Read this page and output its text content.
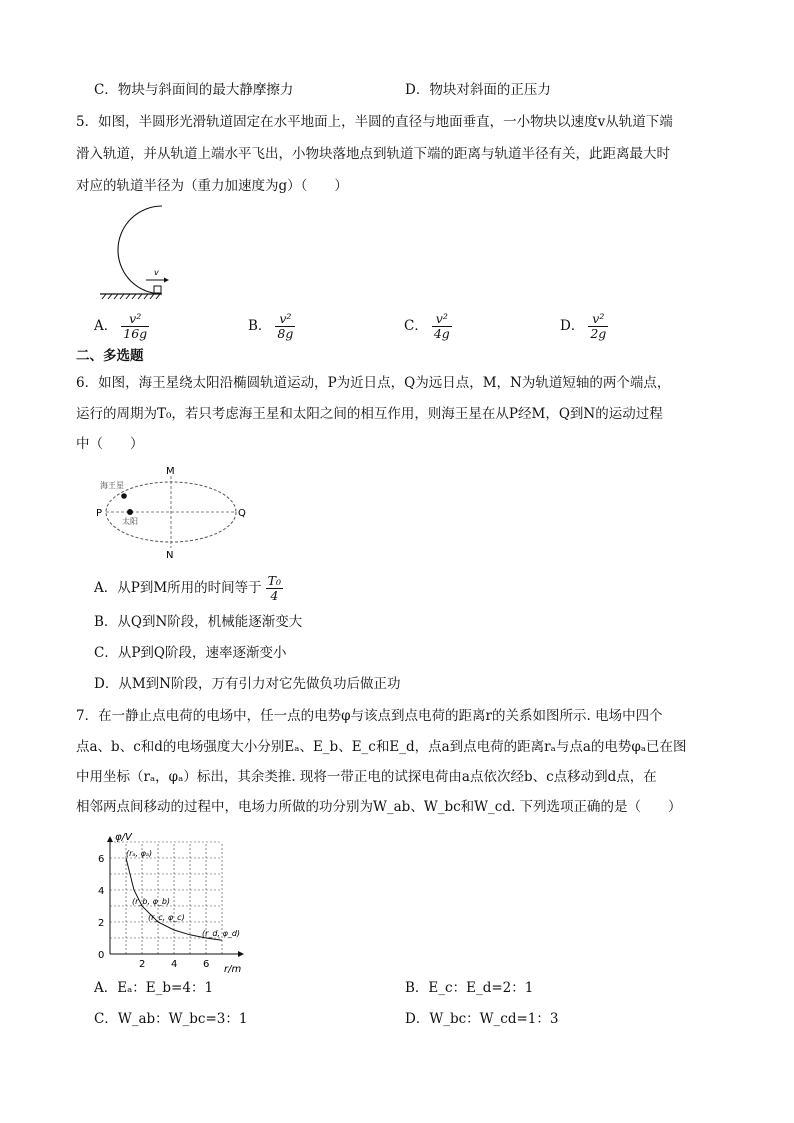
C．物块与斜面间的最大静摩擦力	D．物块对斜面的正压力
5．如图，半圆形光滑轨道固定在水平地面上，半圆的直径与地面垂直，一小物块以速度v从轨道下端
滑入轨道，并从轨道上端水平飞出，小物块落地点到轨道下端的距离与轨道半径有关，此距离最大时
对应的轨道半径为（重力加速度为g）（　　）
v
A． $\frac{\text{v²}}{16g}$	B． $\frac{\text{v²}}{8g}$	C． $\frac{\text{v²}}{4g}$	D． $\frac{\text{v²}}{2g}$
二、多选题
6．如图，海王星绕太阳沿椭圆轨道运动，P为近日点，Q为远日点，M，N为轨道短轴的两个端点，
运行的周期为T₀，若只考虑海王星和太阳之间的相互作用，则海王星在从P经M，Q到N的运动过程
中（　　）
海王星
太阳
M
N
P	Q
A．从P到M所用的时间等于 $\frac{\text{T₀}}{4}$
B．从Q到N阶段，机械能逐渐变大
C．从P到Q阶段，速率逐渐变小
D．从M到N阶段，万有引力对它先做负功后做正功
7．在一静止点电荷的电场中，任一点的电势φ与该点到点电荷的距离r的关系如图所示. 电场中四个
点a、b、c和d的电场强度大小分别Eₐ、E_b、E_c和E_d，点a到点电荷的距离rₐ与点a的电势φₐ已在图
中用坐标（rₐ，φₐ）标出，其余类推. 现将一带正电的试探电荷由a点依次经b、c点移动到d点，在
相邻两点间移动的过程中，电场力所做的功分别为W_ab、W_bc和W_cd. 下列选项正确的是（　　）
2	4	6
0
2
4
6
φ/V
r/m
(rₐ, φₐ)
(r_b, φ_b)
(r_c, φ_c)
(r_d, φ_d)
A．Eₐ：E_b=4：1	B．E_c：E_d=2：1
C．W_ab：W_bc=3：1	D．W_bc：W_cd=1：3
